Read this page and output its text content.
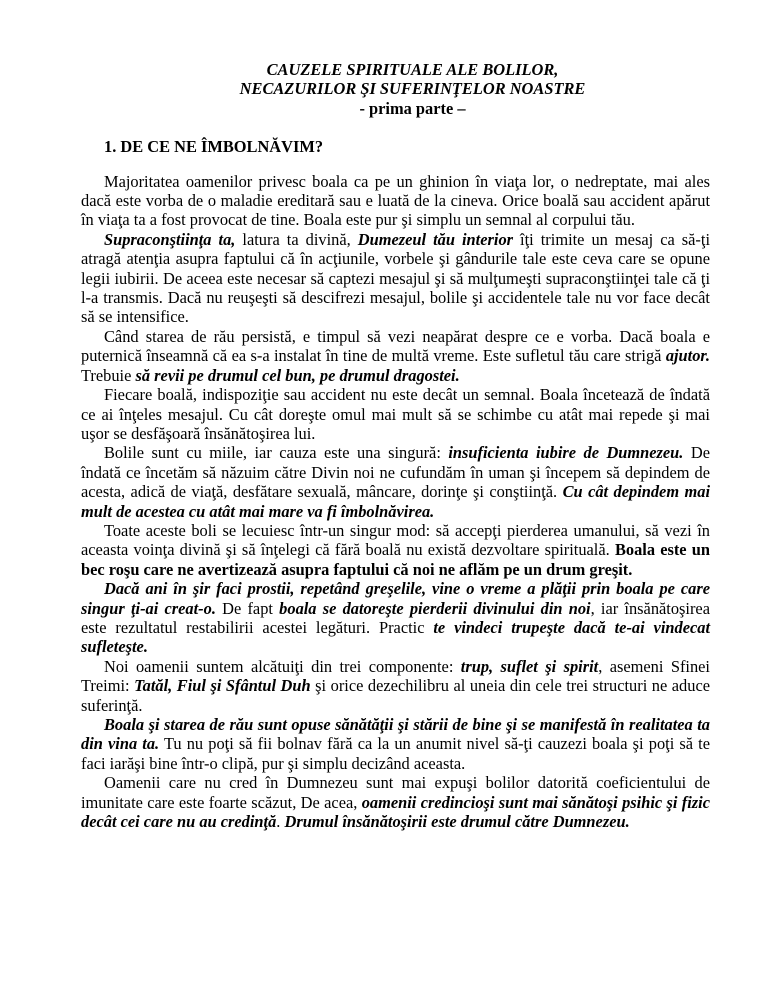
CAUZELE SPIRITUALE ALE BOLILOR,
NECAZURILOR ŞI SUFERINŢELOR NOASTRE
- prima parte –
1. DE CE NE ÎMBOLNĂVIM?

Majoritatea oamenilor privesc boala ca pe un ghinion în viaţa lor, o nedreptate, mai ales dacă este vorba de o maladie ereditară sau e luată de la cineva. Orice boală sau accident apărut în viaţa ta a fost provocat de tine. Boala este pur şi simplu un semnal al corpului tău.

Supraconştiinţa ta, latura ta divină, Dumezeul tău interior îţi trimite un mesaj ca să-ţi atragă atenţia asupra faptului că în acţiunile, vorbele şi gândurile tale este ceva care se opune legii iubirii. De aceea este necesar să captezi mesajul şi să mulţumeşti supraconştiinţei tale că ţi l-a transmis. Dacă nu reuşeşti să descifrezi mesajul, bolile şi accidentele tale nu vor face decât să se intensifice.

Când starea de rău persistă, e timpul să vezi neapărat despre ce e vorba. Dacă boala e puternică înseamnă că ea s-a instalat în tine de multă vreme. Este sufletul tău care strigă ajutor. Trebuie să revii pe drumul cel bun, pe drumul dragostei.

Fiecare boală, indispoziţie sau accident nu este decât un semnal. Boala încetează de îndată ce ai înţeles mesajul. Cu cât doreşte omul mai mult să se schimbe cu atât mai repede şi mai uşor se desfăşoară însănătoşirea lui.

Bolile sunt cu miile, iar cauza este una singură: insuficienta iubire de Dumnezeu. De îndată ce încetăm să năzuim către Divin noi ne cufundăm în uman şi începem să depindem de acesta, adică de viaţă, desfătare sexuală, mâncare, dorinţe şi conştiinţă. Cu cât depindem mai mult de acestea cu atât mai mare va fi îmbolnăvirea.

Toate aceste boli se lecuiesc într-un singur mod: să accepţi pierderea umanului, să vezi în aceasta voinţa divină şi să înţelegi că fără boală nu există dezvoltare spirituală. Boala este un bec roşu care ne avertizează asupra faptului că noi ne aflăm pe un drum greşit.

Dacă ani în şir faci prostii, repetând greşelile, vine o vreme a plăţii prin boala pe care singur ţi-ai creat-o. De fapt boala se datoreşte pierderii divinului din noi, iar însănătoşirea este rezultatul restabilirii acestei legături. Practic te vindeci trupeşte dacă te-ai vindecat sufleteşte.

Noi oamenii suntem alcătuiţi din trei componente: trup, suflet şi spirit, asemeni Sfinei Treimi: Tatăl, Fiul şi Sfântul Duh şi orice dezechilibru al uneia din cele trei structuri ne aduce suferinţă.

Boala şi starea de rău sunt opuse sănătăţii şi stării de bine şi se manifestă în realitatea ta din vina ta. Tu nu poţi să fii bolnav fără ca la un anumit nivel să-ţi cauzezi boala şi poţi să te faci iarăşi bine într-o clipă, pur şi simplu decizând aceasta.

Oamenii care nu cred în Dumnezeu sunt mai expuşi bolilor datorită coeficientului de imunitate care este foarte scăzut, De acea, oamenii credincioşi sunt mai sănătoşi psihic şi fizic decât cei care nu au credinţă. Drumul însănătoşirii este drumul către Dumnezeu.
